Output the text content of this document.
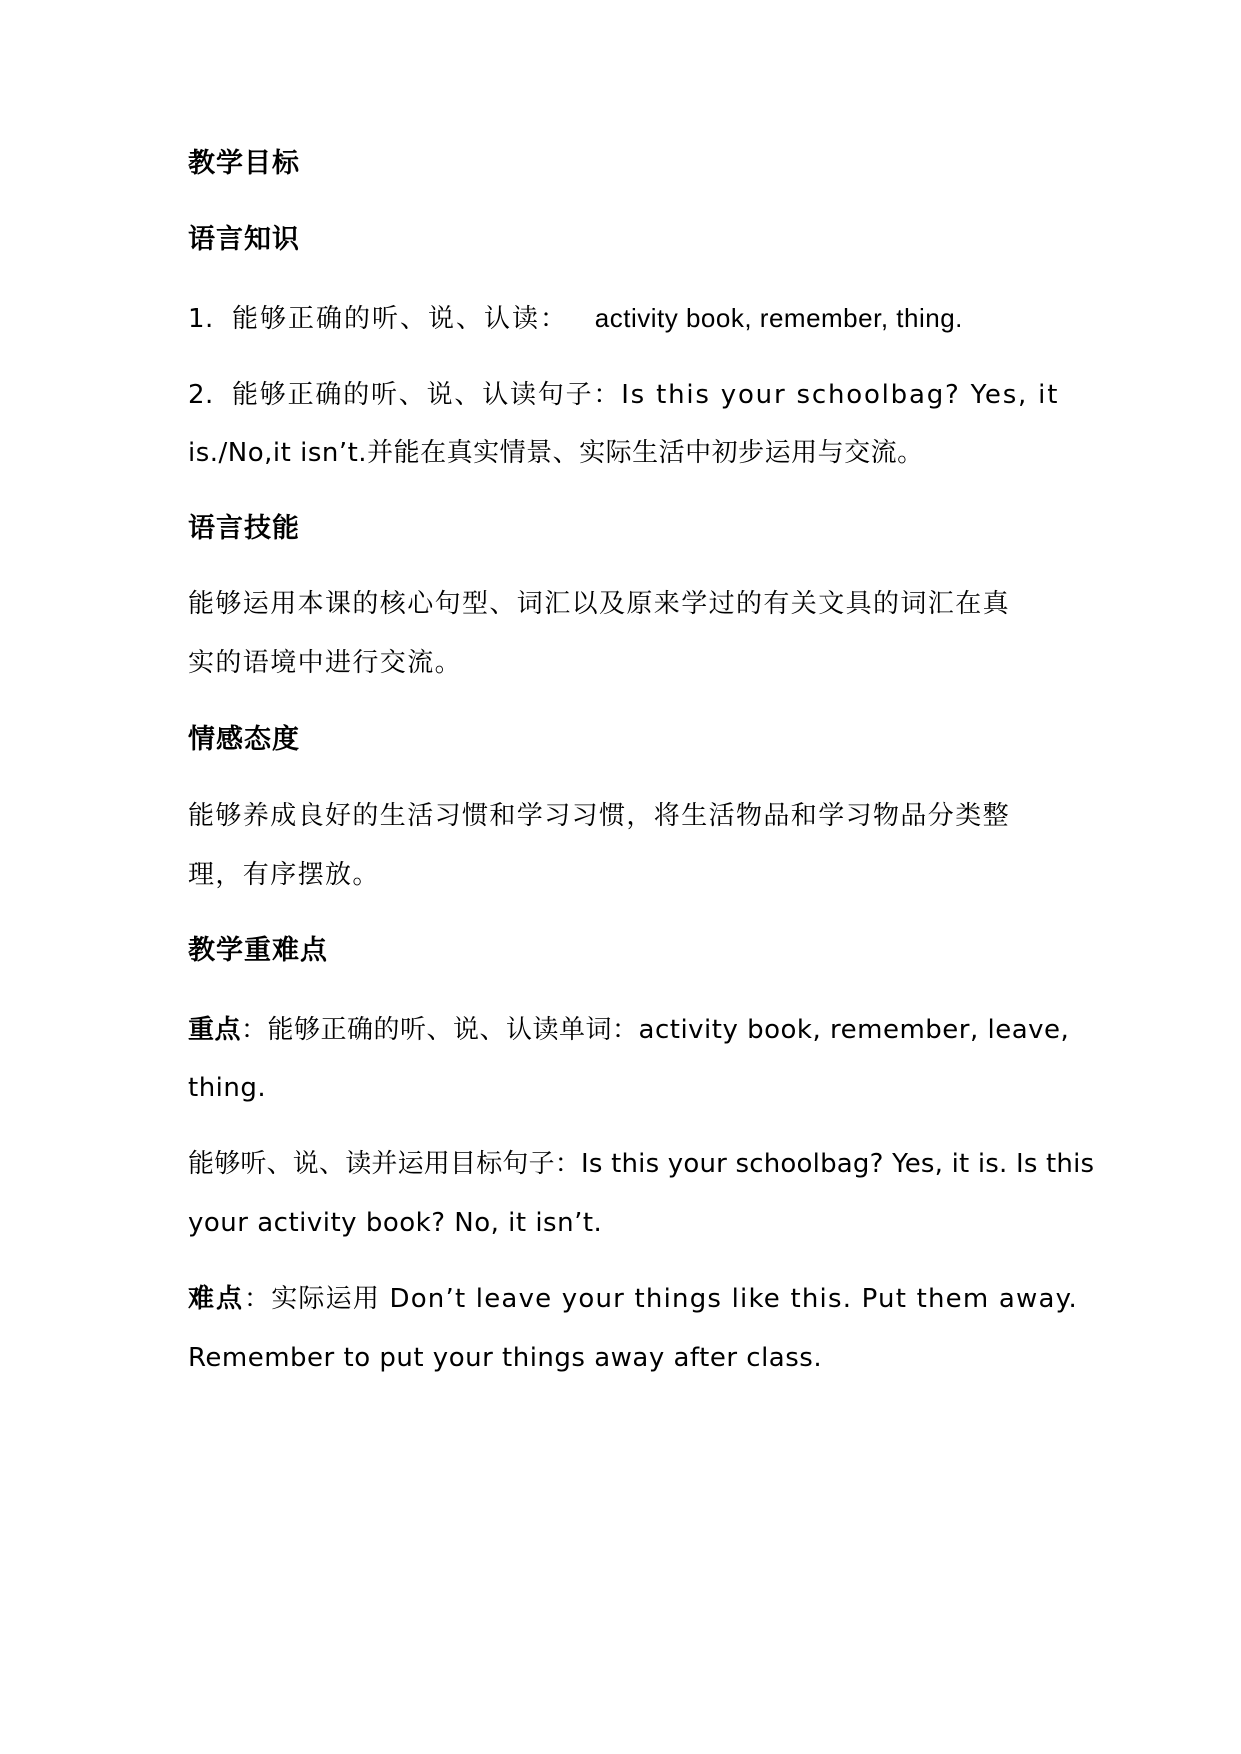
教学目标
语言知识
1. 能够正确的听、说、认读： activity book, remember, thing.
2. 能够正确的听、说、认读句子：Is this your schoolbag? Yes, it
is./No,it isn’t.并能在真实情景、实际生活中初步运用与交流。
语言技能
能够运用本课的核心句型、词汇以及原来学过的有关文具的词汇在真
实的语境中进行交流。
情感态度
能够养成良好的生活习惯和学习习惯，将生活物品和学习物品分类整
理，有序摆放。
教学重难点
重点：能够正确的听、说、认读单词：activity book, remember, leave,
thing.
能够听、说、读并运用目标句子：Is this your schoolbag? Yes, it is. Is this
your activity book? No, it isn’t.
难点：实际运用 Don’t leave your things like this. Put them away.
Remember to put your things away after class.
